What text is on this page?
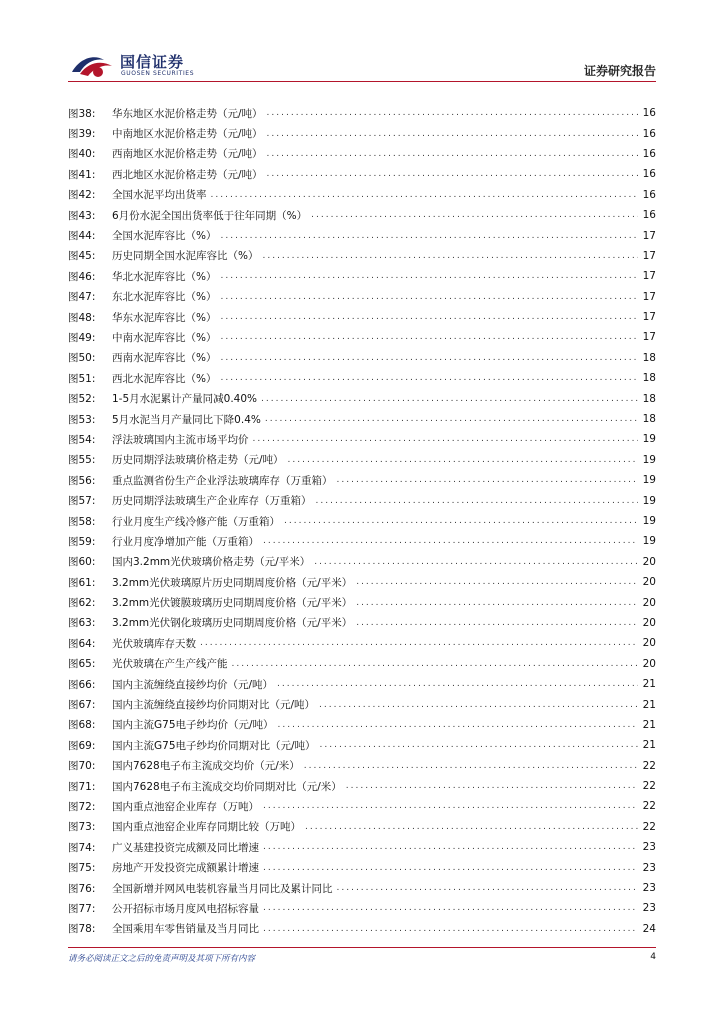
国信证券
GUOSEN SECURITIES	证券研究报告
图38:	华东地区水泥价格走势（元/吨） .....	16
图39:	中南地区水泥价格走势（元/吨） .....	16
图40:	西南地区水泥价格走势（元/吨） .....	16
图41:	西北地区水泥价格走势（元/吨） .....	16
图42:	全国水泥平均出货率 .....	16
图43:	6月份水泥全国出货率低于往年同期（%） .....	16
图44:	全国水泥库容比（%） .....	17
图45:	历史同期全国水泥库容比（%） .....	17
图46:	华北水泥库容比（%） .....	17
图47:	东北水泥库容比（%） .....	17
图48:	华东水泥库容比（%） .....	17
图49:	中南水泥库容比（%） .....	17
图50:	西南水泥库容比（%） .....	18
图51:	西北水泥库容比（%） .....	18
图52:	1-5月水泥累计产量同减0.40% .....	18
图53:	5月水泥当月产量同比下降0.4% .....	18
图54:	浮法玻璃国内主流市场平均价 .....	19
图55:	历史同期浮法玻璃价格走势（元/吨） .....	19
图56:	重点监测省份生产企业浮法玻璃库存（万重箱） .....	19
图57:	历史同期浮法玻璃生产企业库存（万重箱） .....	19
图58:	行业月度生产线冷修产能（万重箱） .....	19
图59:	行业月度净增加产能（万重箱） .....	19
图60:	国内3.2mm光伏玻璃价格走势（元/平米） .....	20
图61:	3.2mm光伏玻璃原片历史同期周度价格（元/平米） .....	20
图62:	3.2mm光伏镀膜玻璃历史同期周度价格（元/平米） .....	20
图63:	3.2mm光伏钢化玻璃历史同期周度价格（元/平米） .....	20
图64:	光伏玻璃库存天数 .....	20
图65:	光伏玻璃在产生产线产能 .....	20
图66:	国内主流缠绕直接纱均价（元/吨） .....	21
图67:	国内主流缠绕直接纱均价同期对比（元/吨） .....	21
图68:	国内主流G75电子纱均价（元/吨） .....	21
图69:	国内主流G75电子纱均价同期对比（元/吨） .....	21
图70:	国内7628电子布主流成交均价（元/米） .....	22
图71:	国内7628电子布主流成交均价同期对比（元/米） .....	22
图72:	国内重点池窑企业库存（万吨） .....	22
图73:	国内重点池窑企业库存同期比较（万吨） .....	22
图74:	广义基建投资完成额及同比增速 .....	23
图75:	房地产开发投资完成额累计增速 .....	23
图76:	全国新增并网风电装机容量当月同比及累计同比 .....	23
图77:	公开招标市场月度风电招标容量 .....	23
图78:	全国乘用车零售销量及当月同比 .....	24
请务必阅读正文之后的免责声明及其项下所有内容	4
